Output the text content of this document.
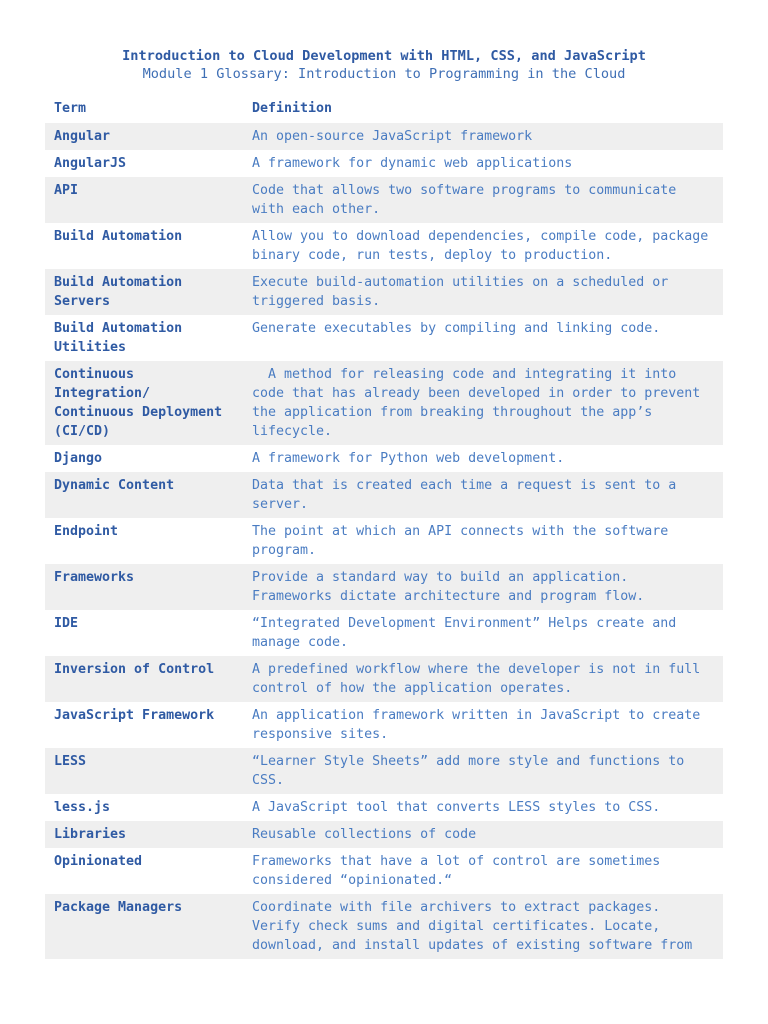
Introduction to Cloud Development with HTML, CSS, and JavaScript
Module 1 Glossary: Introduction to Programming in the Cloud
Term	Definition
Angular	An open-source JavaScript framework
AngularJS	A framework for dynamic web applications
API	Code that allows two software programs to communicate with each other.
Build Automation	Allow you to download dependencies, compile code, package binary code, run tests, deploy to production.
Build Automation Servers	Execute build-automation utilities on a scheduled or triggered basis.
Build Automation Utilities	Generate executables by compiling and linking code.
Continuous Integration/ Continuous Deployment (CI/CD)	A method for releasing code and integrating it into code that has already been developed in order to prevent the application from breaking throughout the app’s lifecycle.
Django	A framework for Python web development.
Dynamic Content	Data that is created each time a request is sent to a server.
Endpoint	The point at which an API connects with the software program.
Frameworks	Provide a standard way to build an application. Frameworks dictate architecture and program flow.
IDE	“Integrated Development Environment” Helps create and manage code.
Inversion of Control	A predefined workflow where the developer is not in full control of how the application operates.
JavaScript Framework	An application framework written in JavaScript to create responsive sites.
LESS	“Learner Style Sheets” add more style and functions to CSS.
less.js	A JavaScript tool that converts LESS styles to CSS.
Libraries	Reusable collections of code
Opinionated	Frameworks that have a lot of control are sometimes considered “opinionated.“
Package Managers	Coordinate with file archivers to extract packages. Verify check sums and digital certificates. Locate, download, and install updates of existing software from
